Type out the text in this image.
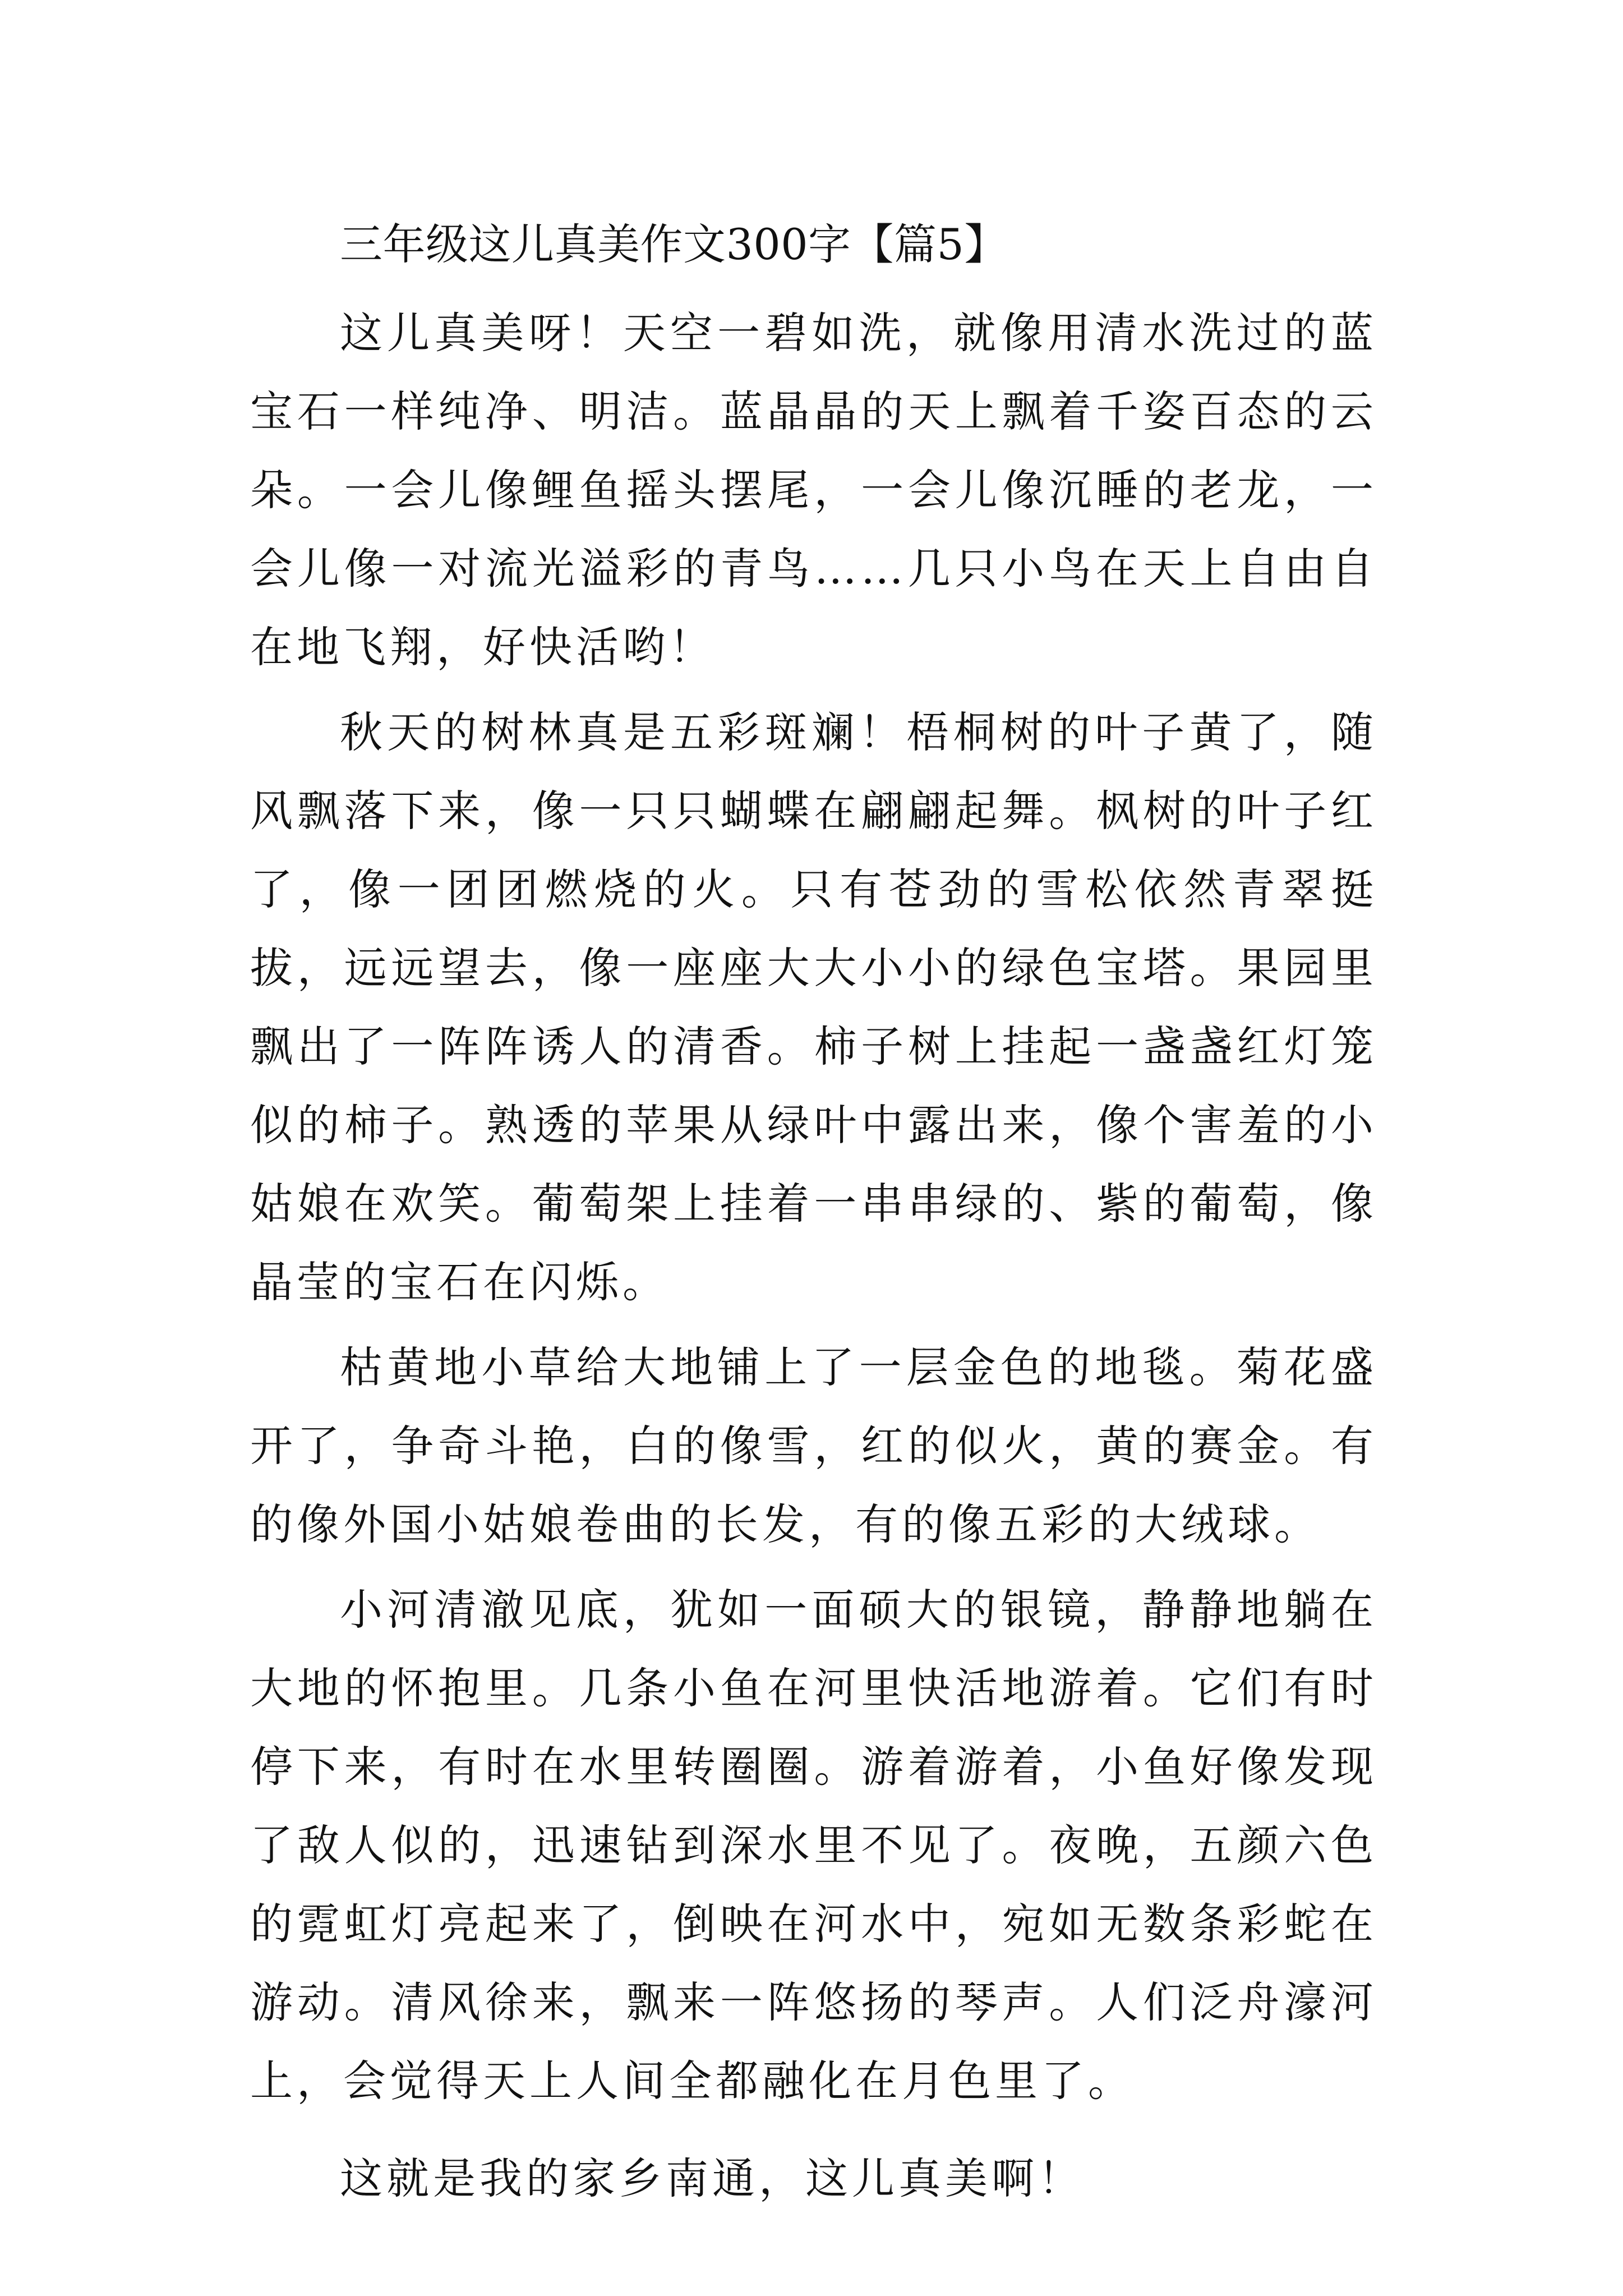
三年级这儿真美作文300字【篇5】

这儿真美呀！天空一碧如洗，就像用清水洗过的蓝宝石一样纯净、明洁。蓝晶晶的天上飘着千姿百态的云朵。一会儿像鲤鱼摇头摆尾，一会儿像沉睡的老龙，一会儿像一对流光溢彩的青鸟……几只小鸟在天上自由自在地飞翔，好快活哟！

秋天的树林真是五彩斑斓！梧桐树的叶子黄了，随风飘落下来，像一只只蝴蝶在翩翩起舞。枫树的叶子红了，像一团团燃烧的火。只有苍劲的雪松依然青翠挺拔，远远望去，像一座座大大小小的绿色宝塔。果园里飘出了一阵阵诱人的清香。柿子树上挂起一盏盏红灯笼似的柿子。熟透的苹果从绿叶中露出来，像个害羞的小姑娘在欢笑。葡萄架上挂着一串串绿的、紫的葡萄，像晶莹的宝石在闪烁。

枯黄地小草给大地铺上了一层金色的地毯。菊花盛开了，争奇斗艳，白的像雪，红的似火，黄的赛金。有的像外国小姑娘卷曲的长发，有的像五彩的大绒球。

小河清澈见底，犹如一面硕大的银镜，静静地躺在大地的怀抱里。几条小鱼在河里快活地游着。它们有时停下来，有时在水里转圈圈。游着游着，小鱼好像发现了敌人似的，迅速钻到深水里不见了。夜晚，五颜六色的霓虹灯亮起来了，倒映在河水中，宛如无数条彩蛇在游动。清风徐来，飘来一阵悠扬的琴声。人们泛舟濠河上，会觉得天上人间全都融化在月色里了。

这就是我的家乡南通，这儿真美啊！
